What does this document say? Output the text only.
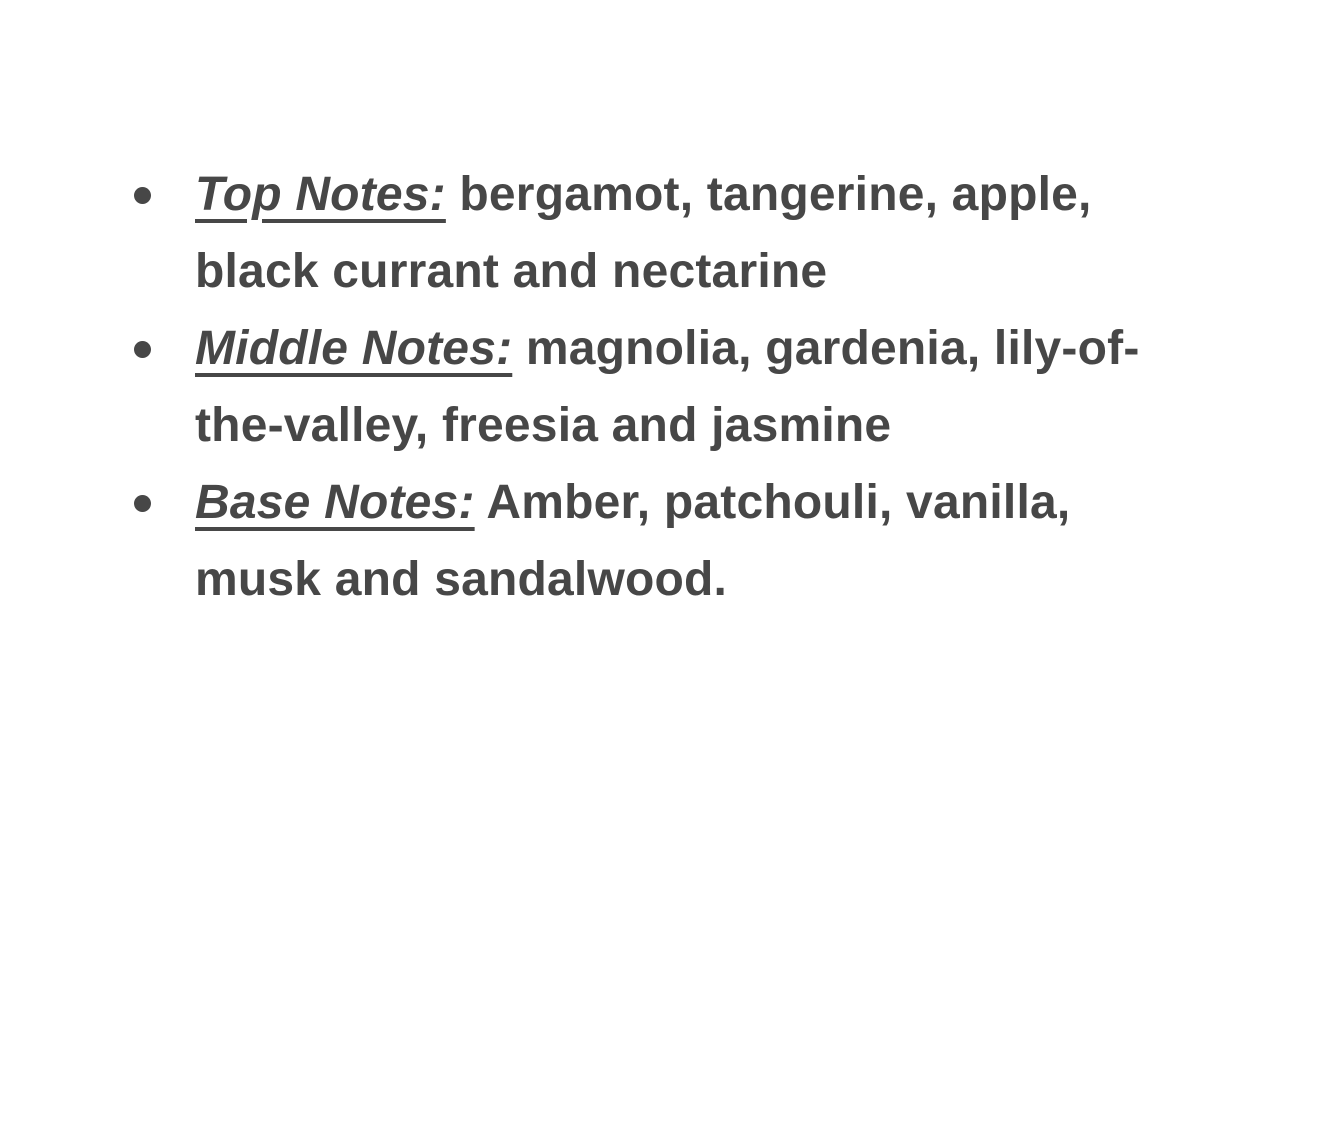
Top Notes: bergamot, tangerine, apple, black currant and nectarine
Middle Notes: magnolia, gardenia, lily-of-the-valley, freesia and jasmine
Base Notes: Amber, patchouli, vanilla, musk and sandalwood.
